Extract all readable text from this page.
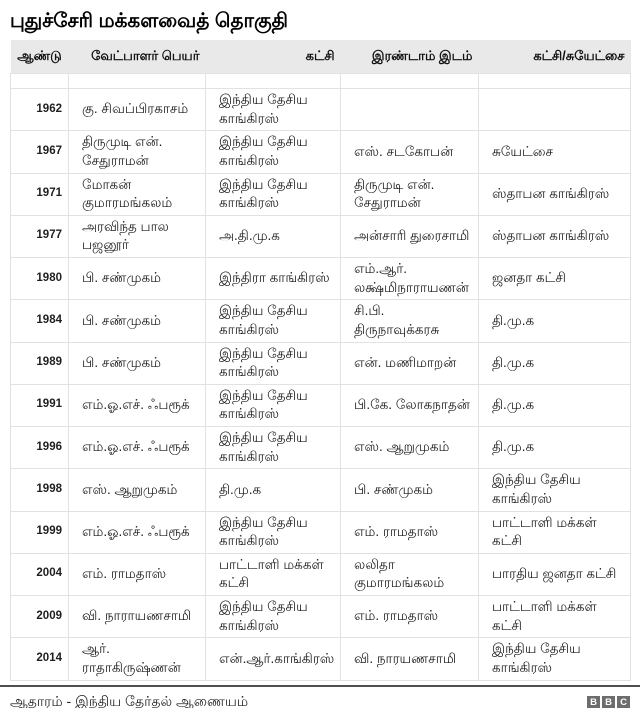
புதுச்சேரி மக்களவைத் தொகுதி
ஆண்டு	வேட்பாளர் பெயர்	கட்சி	இரண்டாம் இடம்	கட்சி/சுயேட்சை

1962	கு. சிவப்பிரகாசம்	இந்திய தேசிய காங்கிரஸ்		
1967	திருமுடி என். சேதுராமன்	இந்திய தேசிய காங்கிரஸ்	எஸ். சடகோபன்	சுயேட்சை
1971	மோகன் குமாரமங்கலம்	இந்திய தேசிய காங்கிரஸ்	திருமுடி என். சேதுராமன்	ஸ்தாபன காங்கிரஸ்
1977	அரவிந்த பால பஜனூர்	அ.தி.மு.க	அன்சாரி துரைசாமி	ஸ்தாபன காங்கிரஸ்
1980	பி. சண்முகம்	இந்திரா காங்கிரஸ்	எம்.ஆர். லக்ஷ்மிநாராயணன்	ஜனதா கட்சி
1984	பி. சண்முகம்	இந்திய தேசிய காங்கிரஸ்	சி.பி. திருநாவுக்கரசு	தி.மு.க
1989	பி. சண்முகம்	இந்திய தேசிய காங்கிரஸ்	என். மணிமாறன்	தி.மு.க
1991	எம்.ஓ.எச். ஃபரூக்	இந்திய தேசிய காங்கிரஸ்	பி.கே. லோகநாதன்	தி.மு.க
1996	எம்.ஓ.எச். ஃபரூக்	இந்திய தேசிய காங்கிரஸ்	எஸ். ஆறுமுகம்	தி.மு.க
1998	எஸ். ஆறுமுகம்	தி.மு.க	பி. சண்முகம்	இந்திய தேசிய காங்கிரஸ்
1999	எம்.ஓ.எச். ஃபரூக்	இந்திய தேசிய காங்கிரஸ்	எம். ராமதாஸ்	பாட்டாளி மக்கள் கட்சி
2004	எம். ராமதாஸ்	பாட்டாளி மக்கள் கட்சி	லலிதா குமாரமங்கலம்	பாரதிய ஜனதா கட்சி
2009	வி. நாராயணசாமி	இந்திய தேசிய காங்கிரஸ்	எம். ராமதாஸ்	பாட்டாளி மக்கள் கட்சி
2014	ஆர். ராதாகிருஷ்ணன்	என்.ஆர்.காங்கிரஸ்	வி. நாரயணசாமி	இந்திய தேசிய காங்கிரஸ்
ஆதாரம் - இந்திய தேர்தல் ஆணையம்	B B C
